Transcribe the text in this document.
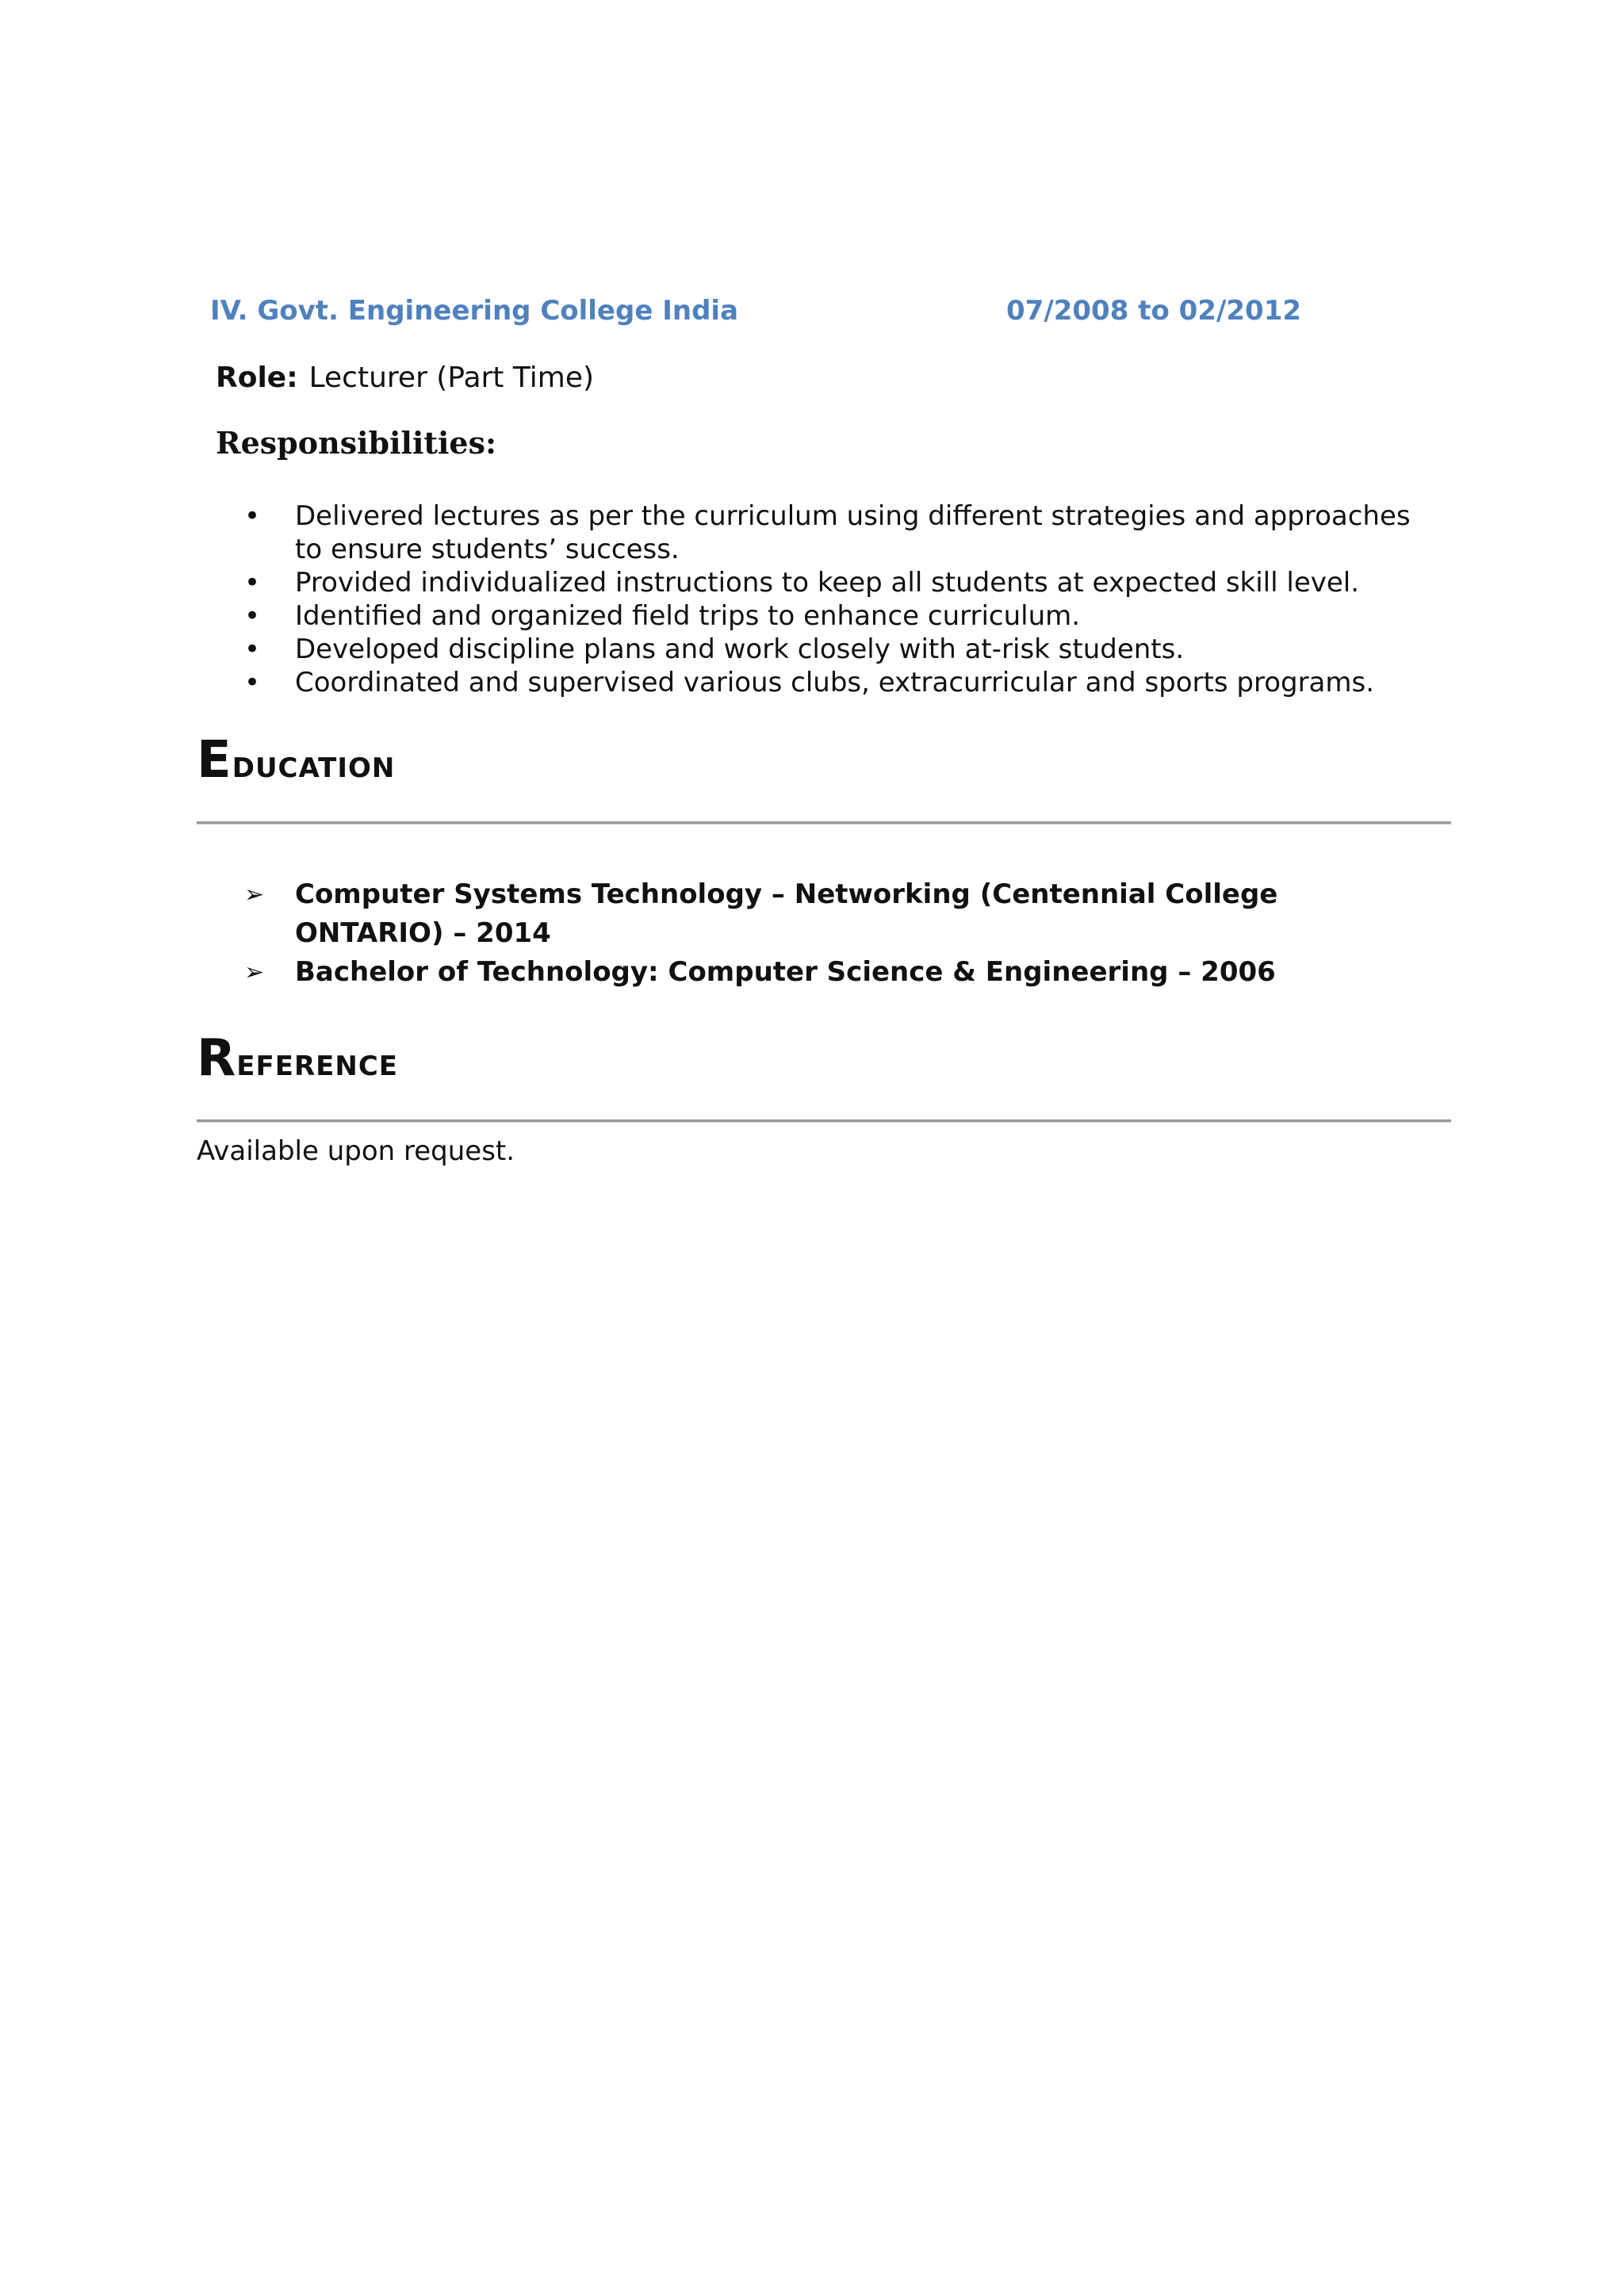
IV. Govt. Engineering College India	07/2008 to 02/2012
Role: Lecturer (Part Time)
Responsibilities:
• Delivered lectures as per the curriculum using different strategies and approaches to ensure students’ success.
• Provided individualized instructions to keep all students at expected skill level.
• Identified and organized field trips to enhance curriculum.
• Developed discipline plans and work closely with at-risk students.
• Coordinated and supervised various clubs, extracurricular and sports programs.
EDUCATION
➢ Computer Systems Technology – Networking (Centennial College ONTARIO) – 2014
➢ Bachelor of Technology: Computer Science & Engineering – 2006
REFERENCE
Available upon request.
